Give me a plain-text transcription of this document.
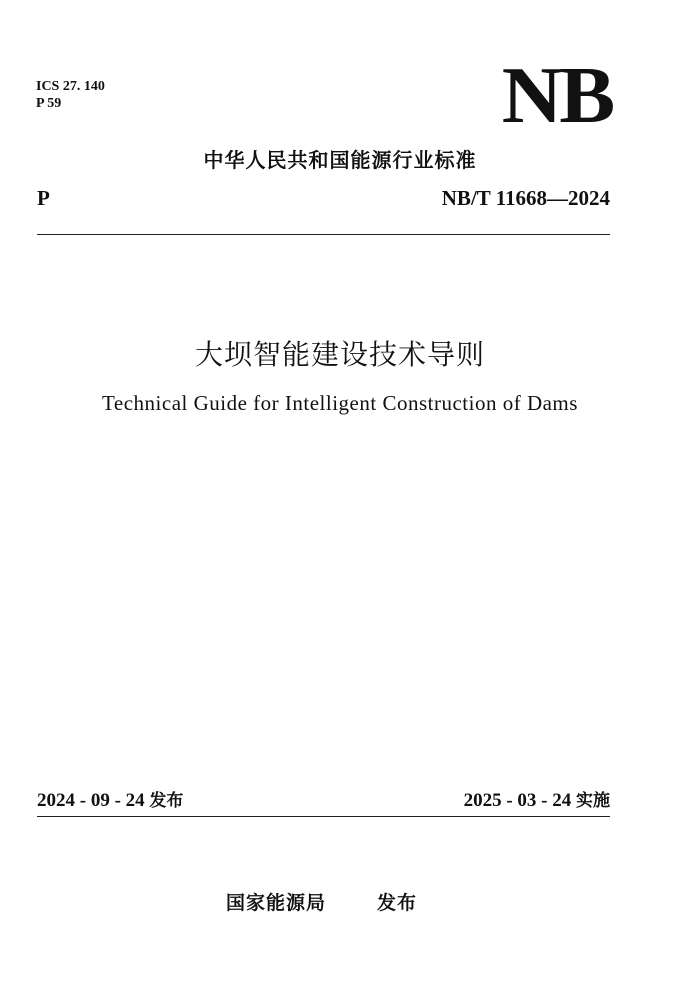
ICS 27. 140
P 59	NB
中华人民共和国能源行业标准
P	NB/T 11668—2024
大坝智能建设技术导则
Technical Guide for Intelligent Construction of Dams
2024 - 09 - 24 发布	2025 - 03 - 24 实施
国家能源局	发布
